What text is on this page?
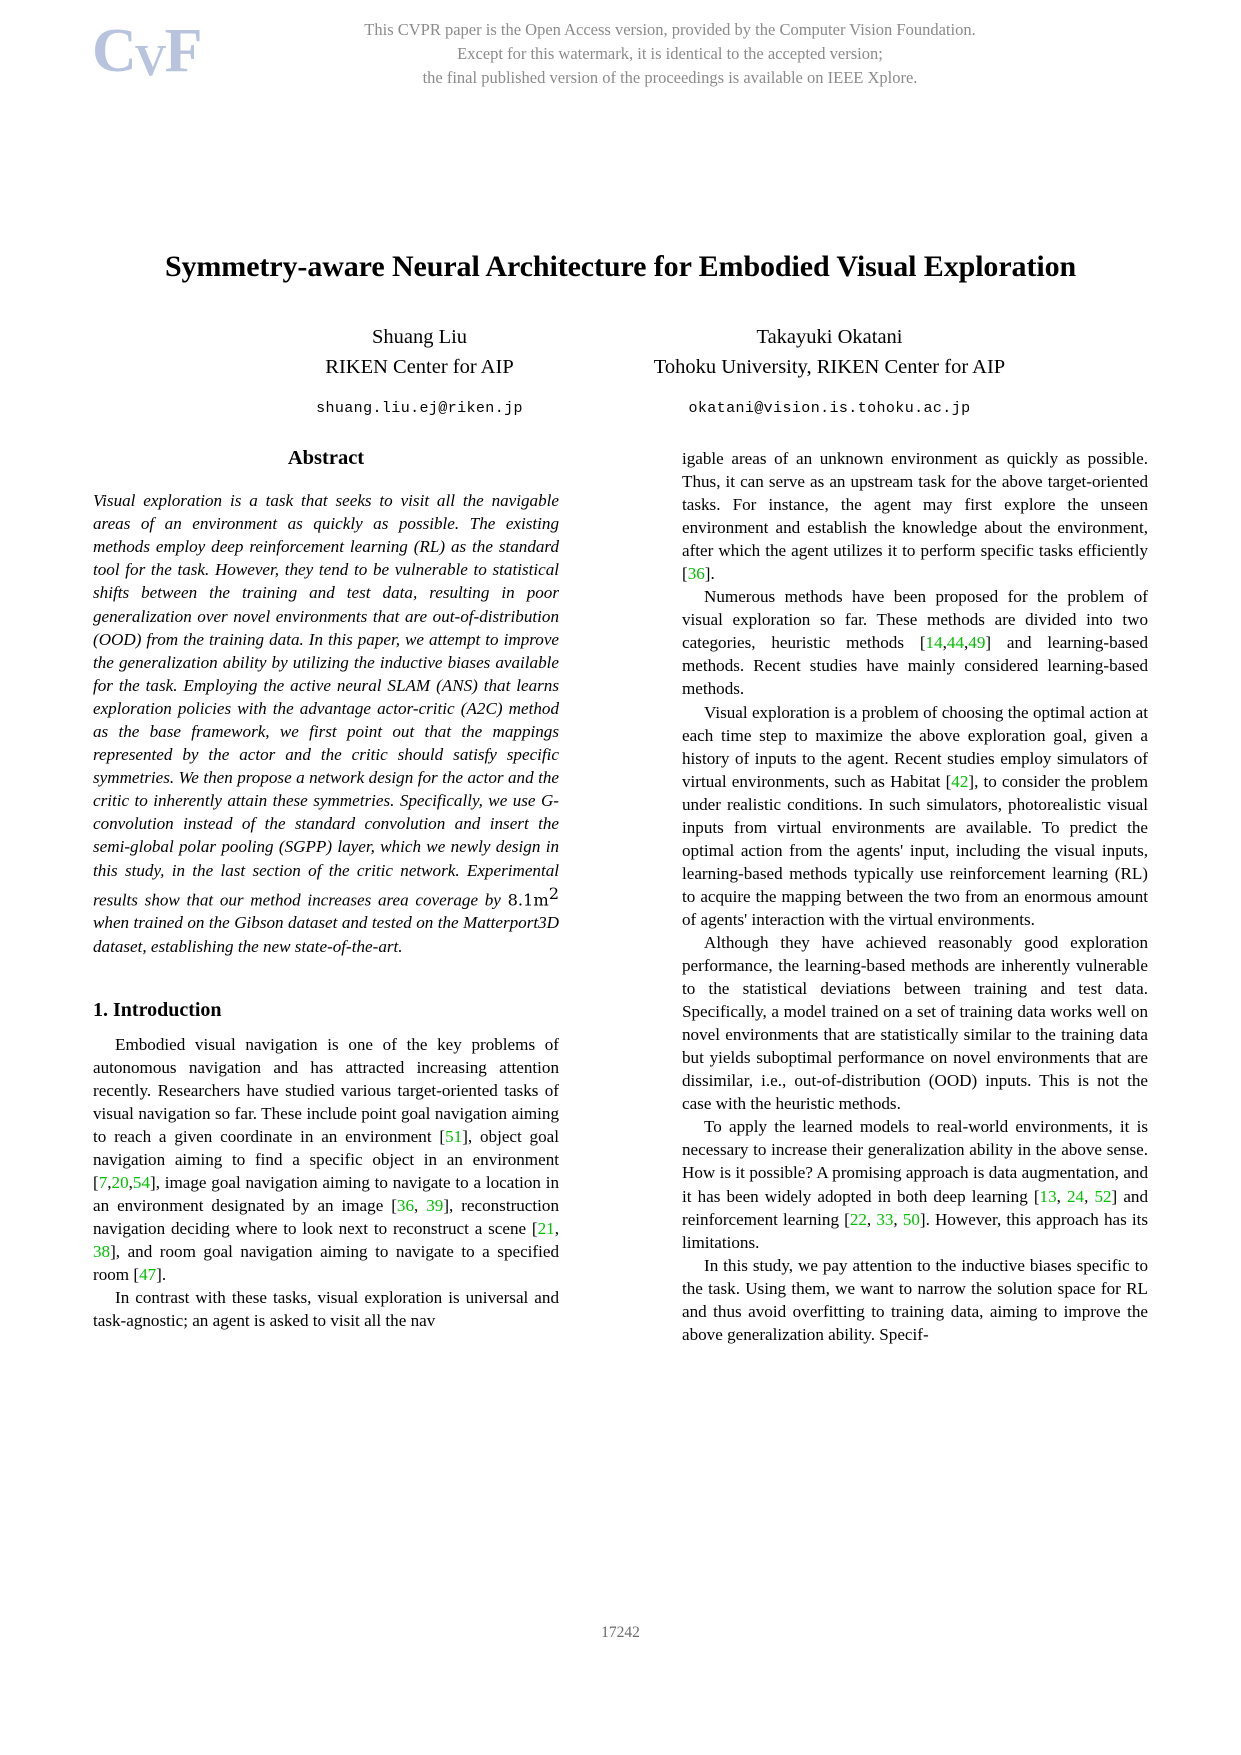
CVF	This CVPR paper is the Open Access version, provided by the Computer Vision Foundation.
Except for this watermark, it is identical to the accepted version;
the final published version of the proceedings is available on IEEE Xplore.
Symmetry-aware Neural Architecture for Embodied Visual Exploration
Shuang Liu
RIKEN Center for AIP
shuang.liu.ej@riken.jp
Takayuki Okatani
Tohoku University, RIKEN Center for AIP
okatani@vision.is.tohoku.ac.jp
Abstract

Visual exploration is a task that seeks to visit all the navigable areas of an environment as quickly as possible. The existing methods employ deep reinforcement learning (RL) as the standard tool for the task. However, they tend to be vulnerable to statistical shifts between the training and test data, resulting in poor generalization over novel environments that are out-of-distribution (OOD) from the training data. In this paper, we attempt to improve the generalization ability by utilizing the inductive biases available for the task. Employing the active neural SLAM (ANS) that learns exploration policies with the advantage actor-critic (A2C) method as the base framework, we first point out that the mappings represented by the actor and the critic should satisfy specific symmetries. We then propose a network design for the actor and the critic to inherently attain these symmetries. Specifically, we use G-convolution instead of the standard convolution and insert the semi-global polar pooling (SGPP) layer, which we newly design in this study, in the last section of the critic network. Experimental results show that our method increases area coverage by 8.1m2 when trained on the Gibson dataset and tested on the Matterport3D dataset, establishing the new state-of-the-art.

1. Introduction

Embodied visual navigation is one of the key problems of autonomous navigation and has attracted increasing attention recently. Researchers have studied various target-oriented tasks of visual navigation so far. These include point goal navigation aiming to reach a given coordinate in an environment [51], object goal navigation aiming to find a specific object in an environment [7,20,54], image goal navigation aiming to navigate to a location in an environment designated by an image [36, 39], reconstruction navigation deciding where to look next to reconstruct a scene [21, 38], and room goal navigation aiming to navigate to a specified room [47].

In contrast with these tasks, visual exploration is universal and task-agnostic; an agent is asked to visit all the nav

igable areas of an unknown environment as quickly as possible. Thus, it can serve as an upstream task for the above target-oriented tasks. For instance, the agent may first explore the unseen environment and establish the knowledge about the environment, after which the agent utilizes it to perform specific tasks efficiently [36].

Numerous methods have been proposed for the problem of visual exploration so far. These methods are divided into two categories, heuristic methods [14,44,49] and learning-based methods. Recent studies have mainly considered learning-based methods.

Visual exploration is a problem of choosing the optimal action at each time step to maximize the above exploration goal, given a history of inputs to the agent. Recent studies employ simulators of virtual environments, such as Habitat [42], to consider the problem under realistic conditions. In such simulators, photorealistic visual inputs from virtual environments are available. To predict the optimal action from the agents' input, including the visual inputs, learning-based methods typically use reinforcement learning (RL) to acquire the mapping between the two from an enormous amount of agents' interaction with the virtual environments.

Although they have achieved reasonably good exploration performance, the learning-based methods are inherently vulnerable to the statistical deviations between training and test data. Specifically, a model trained on a set of training data works well on novel environments that are statistically similar to the training data but yields suboptimal performance on novel environments that are dissimilar, i.e., out-of-distribution (OOD) inputs. This is not the case with the heuristic methods.

To apply the learned models to real-world environments, it is necessary to increase their generalization ability in the above sense. How is it possible? A promising approach is data augmentation, and it has been widely adopted in both deep learning [13, 24, 52] and reinforcement learning [22, 33, 50]. However, this approach has its limitations.

In this study, we pay attention to the inductive biases specific to the task. Using them, we want to narrow the solution space for RL and thus avoid overfitting to training data, aiming to improve the above generalization ability. Specif-

17242
